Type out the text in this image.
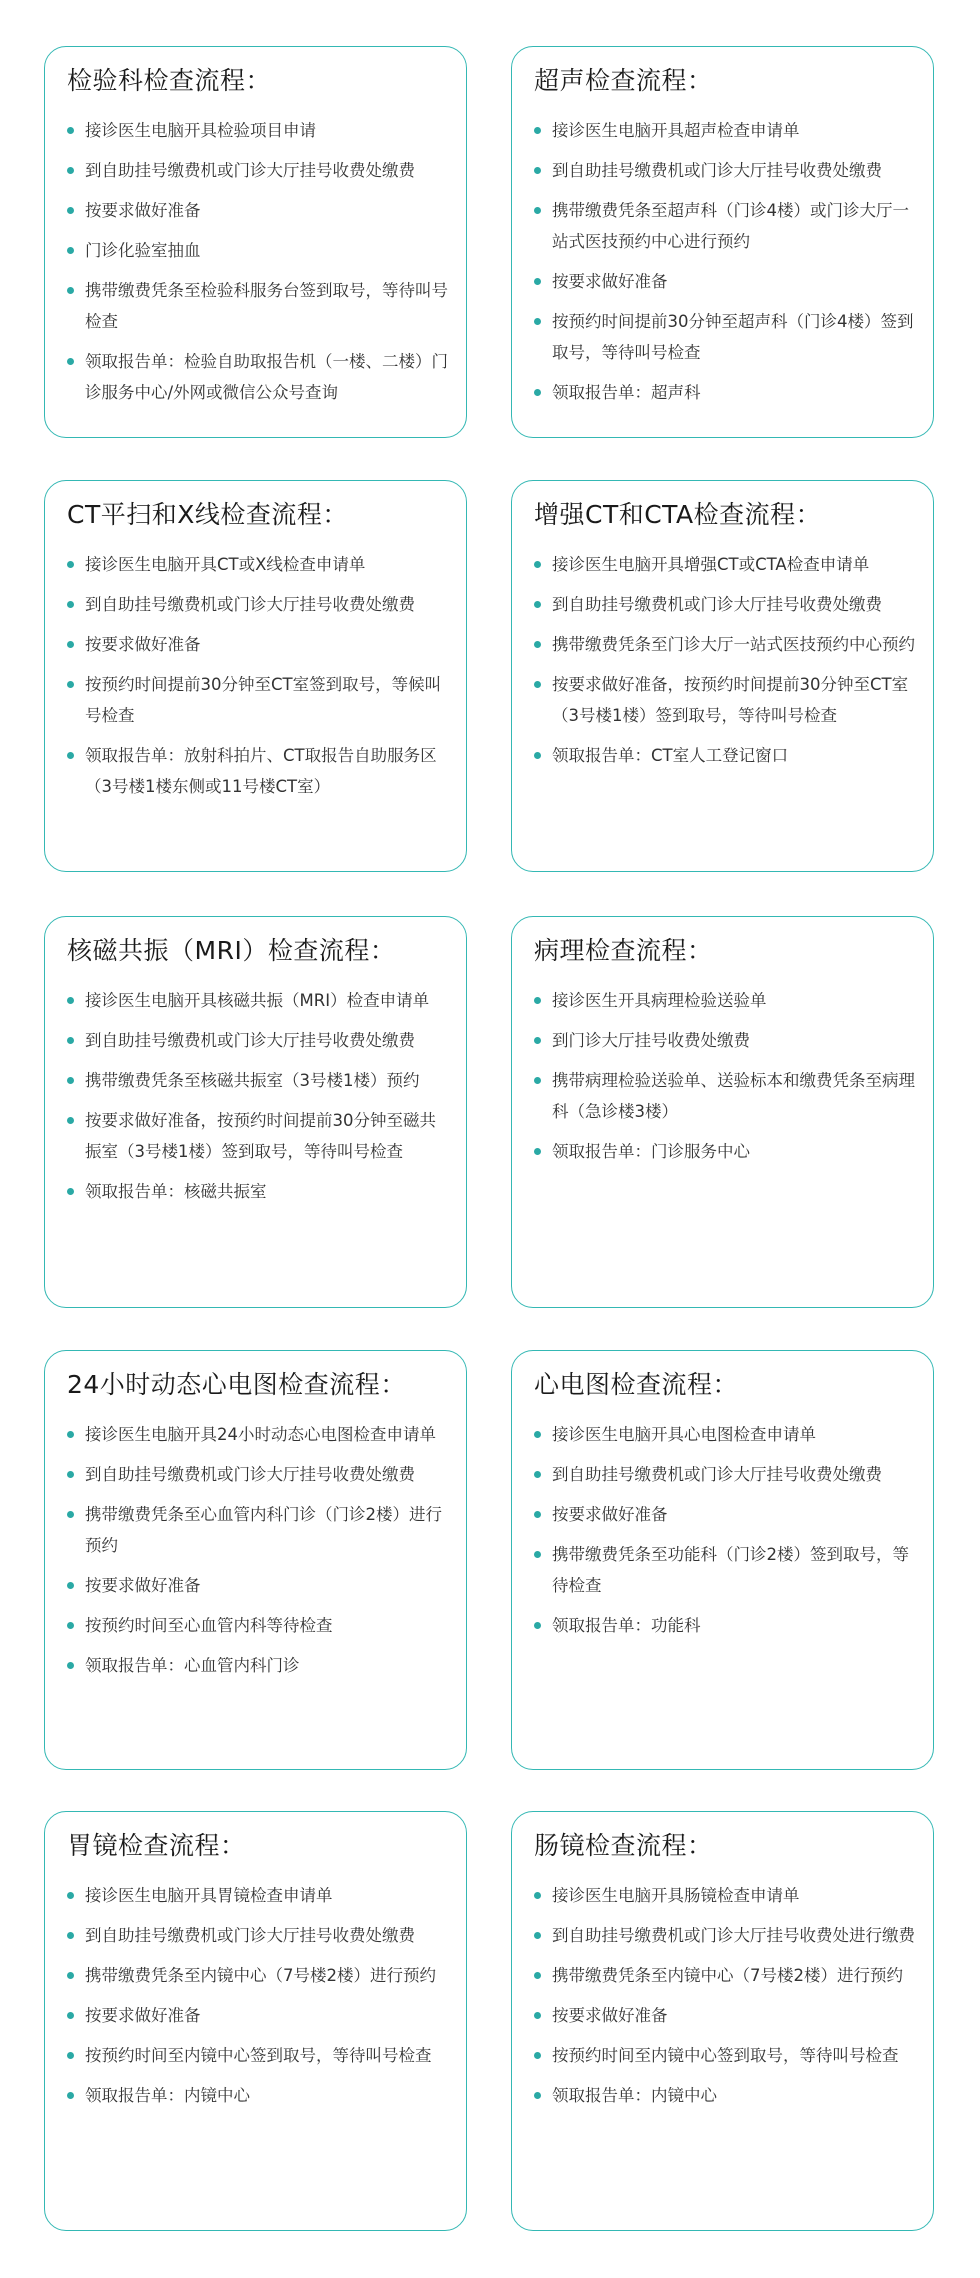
检验科检查流程：
接诊医生电脑开具检验项目申请
到自助挂号缴费机或门诊大厅挂号收费处缴费
按要求做好准备
门诊化验室抽血
携带缴费凭条至检验科服务台签到取号，等待叫号检查
领取报告单：检验自助取报告机（一楼、二楼）门诊服务中心/外网或微信公众号查询
超声检查流程：
接诊医生电脑开具超声检查申请单
到自助挂号缴费机或门诊大厅挂号收费处缴费
携带缴费凭条至超声科（门诊4楼）或门诊大厅一站式医技预约中心进行预约
按要求做好准备
按预约时间提前30分钟至超声科（门诊4楼）签到取号，等待叫号检查
领取报告单：超声科
CT平扫和X线检查流程：
接诊医生电脑开具CT或X线检查申请单
到自助挂号缴费机或门诊大厅挂号收费处缴费
按要求做好准备
按预约时间提前30分钟至CT室签到取号，等候叫号检查
领取报告单：放射科拍片、CT取报告自助服务区（3号楼1楼东侧或11号楼CT室）
增强CT和CTA检查流程：
接诊医生电脑开具增强CT或CTA检查申请单
到自助挂号缴费机或门诊大厅挂号收费处缴费
携带缴费凭条至门诊大厅一站式医技预约中心预约
按要求做好准备，按预约时间提前30分钟至CT室（3号楼1楼）签到取号，等待叫号检查
领取报告单：CT室人工登记窗口
核磁共振（MRI）检查流程：
接诊医生电脑开具核磁共振（MRI）检查申请单
到自助挂号缴费机或门诊大厅挂号收费处缴费
携带缴费凭条至核磁共振室（3号楼1楼）预约
按要求做好准备，按预约时间提前30分钟至磁共振室（3号楼1楼）签到取号，等待叫号检查
领取报告单：核磁共振室
病理检查流程：
接诊医生开具病理检验送验单
到门诊大厅挂号收费处缴费
携带病理检验送验单、送验标本和缴费凭条至病理科（急诊楼3楼）
领取报告单：门诊服务中心
24小时动态心电图检查流程：
接诊医生电脑开具24小时动态心电图检查申请单
到自助挂号缴费机或门诊大厅挂号收费处缴费
携带缴费凭条至心血管内科门诊（门诊2楼）进行预约
按要求做好准备
按预约时间至心血管内科等待检查
领取报告单：心血管内科门诊
心电图检查流程：
接诊医生电脑开具心电图检查申请单
到自助挂号缴费机或门诊大厅挂号收费处缴费
按要求做好准备
携带缴费凭条至功能科（门诊2楼）签到取号，等待检查
领取报告单：功能科
胃镜检查流程：
接诊医生电脑开具胃镜检查申请单
到自助挂号缴费机或门诊大厅挂号收费处缴费
携带缴费凭条至内镜中心（7号楼2楼）进行预约
按要求做好准备
按预约时间至内镜中心签到取号，等待叫号检查
领取报告单：内镜中心
肠镜检查流程：
接诊医生电脑开具肠镜检查申请单
到自助挂号缴费机或门诊大厅挂号收费处进行缴费
携带缴费凭条至内镜中心（7号楼2楼）进行预约
按要求做好准备
按预约时间至内镜中心签到取号，等待叫号检查
领取报告单：内镜中心
